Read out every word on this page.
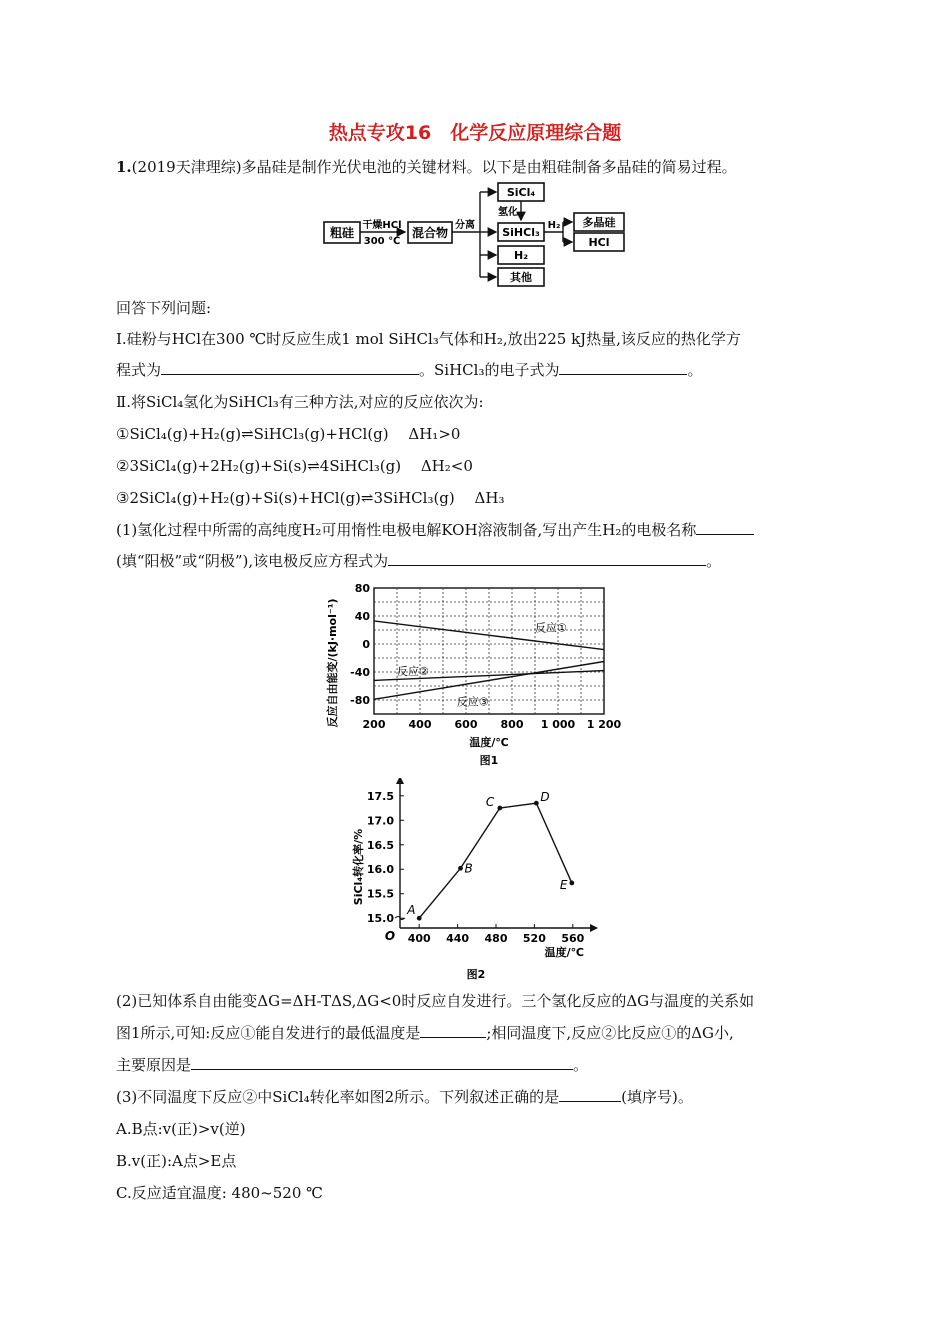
热点专攻16　化学反应原理综合题
1.(2019天津理综)多晶硅是制作光伏电池的关键材料。以下是由粗硅制备多晶硅的简易过程。
粗硅
干燥HCl
300 ℃
混合物
分离
SiCl₄
氢化
SiHCl₃
H₂
其他
H₂ 多晶硅
HCl
回答下列问题:
Ⅰ.硅粉与HCl在300 ℃时反应生成1 mol SiHCl₃气体和H₂,放出225 kJ热量,该反应的热化学方
程式为	。SiHCl₃的电子式为	。
Ⅱ.将SiCl₄氢化为SiHCl₃有三种方法,对应的反应依次为:
①SiCl₄(g)+H₂(g)⇌SiHCl₃(g)+HCl(g)　 ΔH₁>0
②3SiCl₄(g)+2H₂(g)+Si(s)⇌4SiHCl₃(g)　 ΔH₂<0
③2SiCl₄(g)+H₂(g)+Si(s)+HCl(g)⇌3SiHCl₃(g)　 ΔH₃
(1)氢化过程中所需的高纯度H₂可用惰性电极电解KOH溶液制备,写出产生H₂的电极名称
(填“阳极”或“阴极”),该电极反应方程式为	。
反应①
反应②
反应③
200 400 600 800 1 000 1 200
80
40
0
-40
-80
温度/℃
反应自由能变/(kJ·mol⁻¹)
图1
A
B
C	D
E
400 440 480 520 560
15.0
15.5
16.0
16.5
17.0
17.5
O
温度/℃
SiCl₄转化率/%
图2
(2)已知体系自由能变ΔG=ΔH-TΔS,ΔG<0时反应自发进行。三个氢化反应的ΔG与温度的关系如
图1所示,可知:反应①能自发进行的最低温度是	;相同温度下,反应②比反应①的ΔG小,
主要原因是	。
(3)不同温度下反应②中SiCl₄转化率如图2所示。下列叙述正确的是	(填序号)。
A.B点:v(正)>v(逆)
B.v(正):A点>E点
C.反应适宜温度: 480~520 ℃
